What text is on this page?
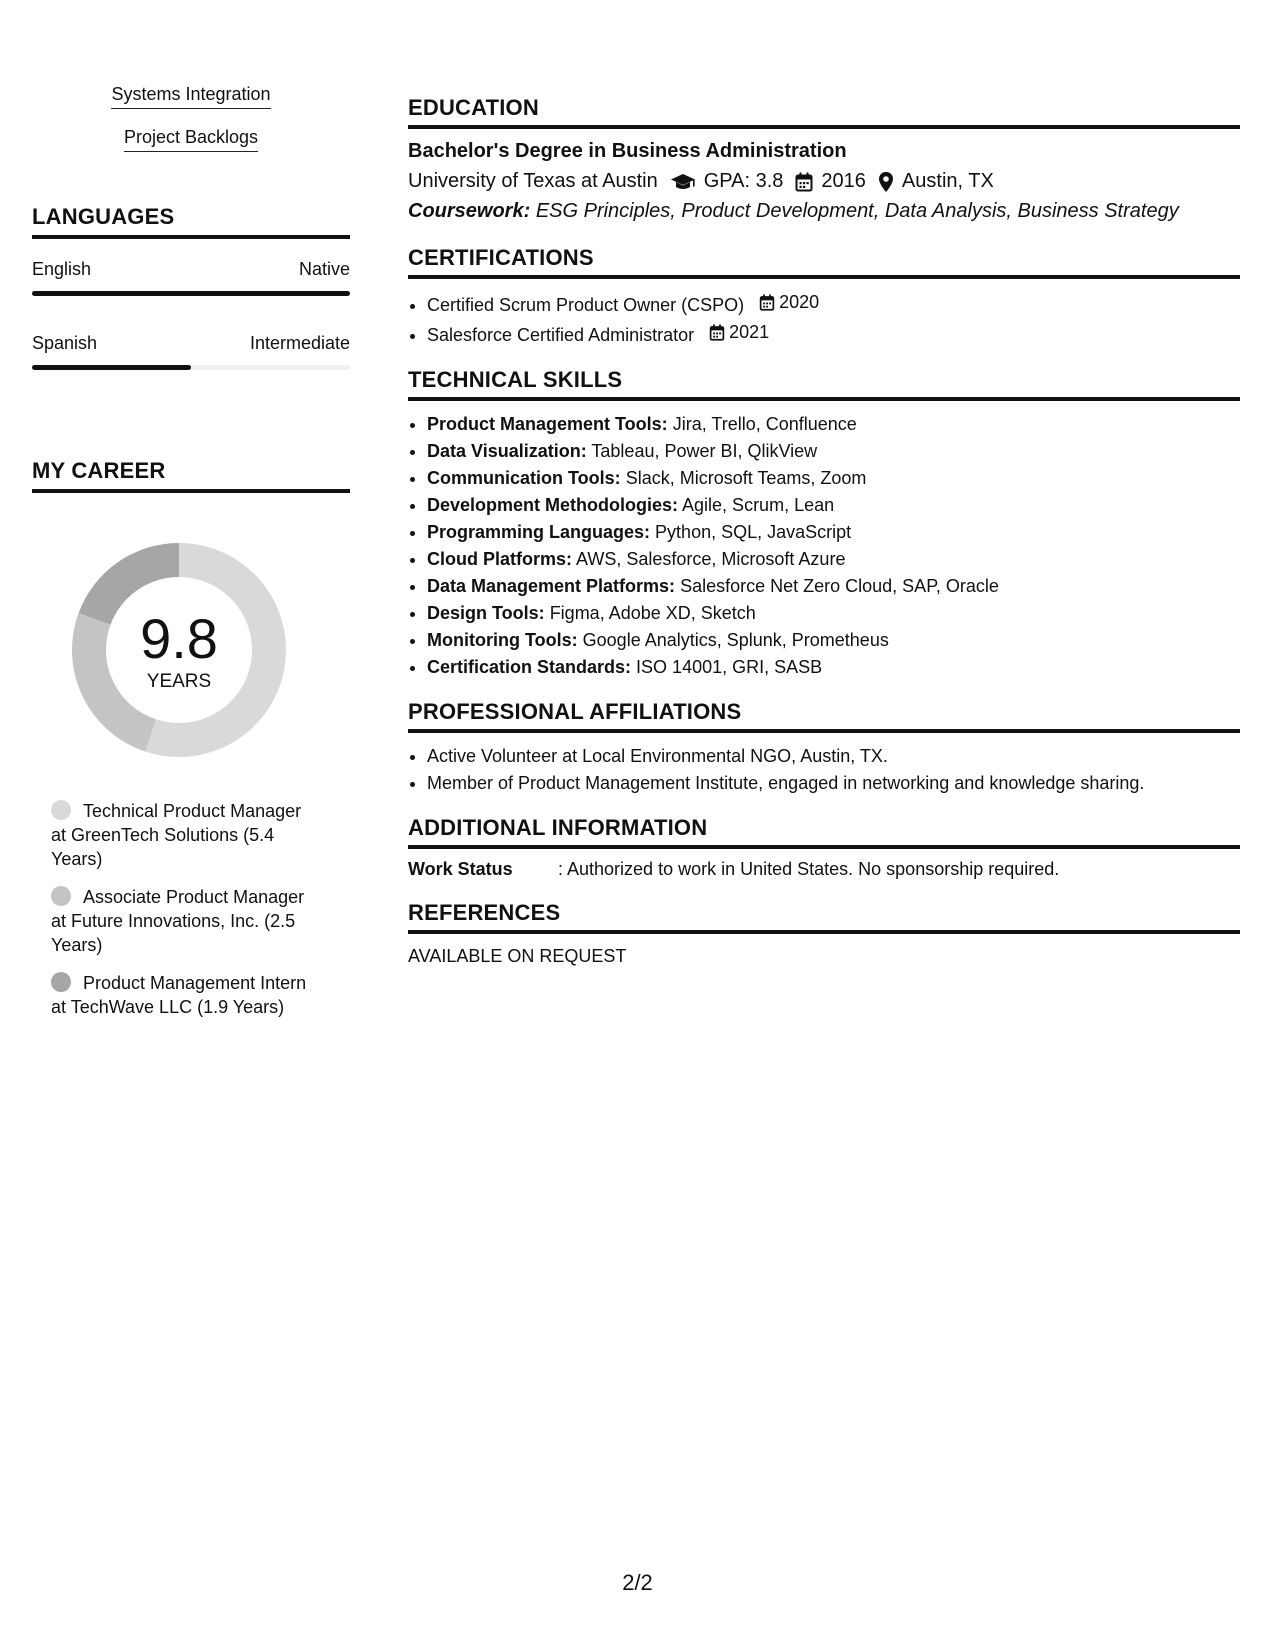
Systems Integration
Project Backlogs
LANGUAGES
English	Native
Spanish	Intermediate
MY CAREER
9.8
YEARS
Technical Product Manager at GreenTech Solutions (5.4 Years)
Associate Product Manager at Future Innovations, Inc. (2.5 Years)
Product Management Intern at TechWave LLC (1.9 Years)
EDUCATION
Bachelor's Degree in Business Administration
University of Texas at Austin GPA: 3.8 2016 Austin, TX
Coursework: ESG Principles, Product Development, Data Analysis, Business Strategy
CERTIFICATIONS
• Certified Scrum Product Owner (CSPO) 2020
• Salesforce Certified Administrator 2021
TECHNICAL SKILLS
• Product Management Tools: Jira, Trello, Confluence
• Data Visualization: Tableau, Power BI, QlikView
• Communication Tools: Slack, Microsoft Teams, Zoom
• Development Methodologies: Agile, Scrum, Lean
• Programming Languages: Python, SQL, JavaScript
• Cloud Platforms: AWS, Salesforce, Microsoft Azure
• Data Management Platforms: Salesforce Net Zero Cloud, SAP, Oracle
• Design Tools: Figma, Adobe XD, Sketch
• Monitoring Tools: Google Analytics, Splunk, Prometheus
• Certification Standards: ISO 14001, GRI, SASB
PROFESSIONAL AFFILIATIONS
• Active Volunteer at Local Environmental NGO, Austin, TX.
• Member of Product Management Institute, engaged in networking and knowledge sharing.
ADDITIONAL INFORMATION
Work Status	: Authorized to work in United States. No sponsorship required.
REFERENCES
AVAILABLE ON REQUEST
2/2
